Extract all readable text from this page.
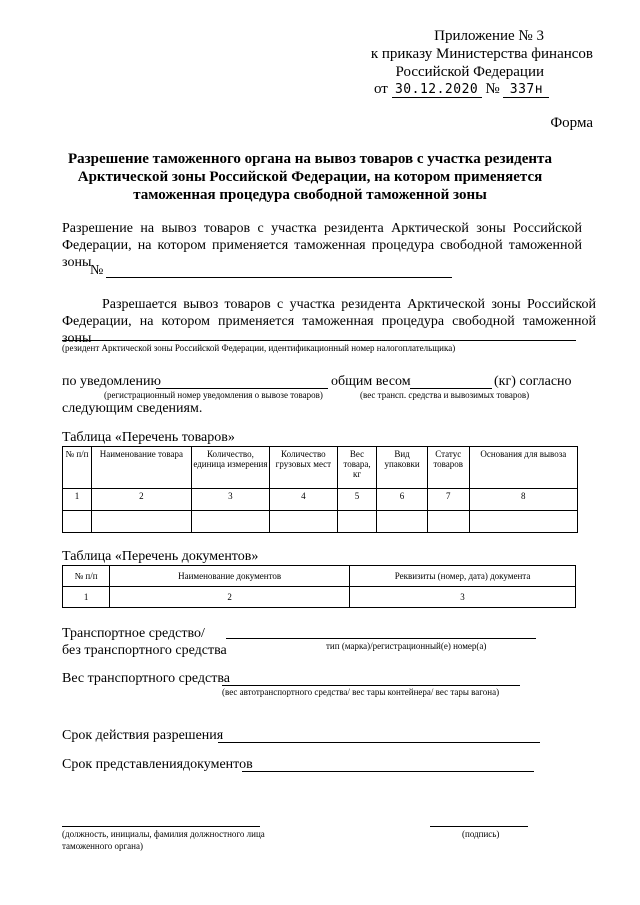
Приложение № 3
к приказу Министерства финансов
Российской Федерации
от 30.12.2020 № 337н
Форма
Разрешение таможенного органа на вывоз товаров с участка резидента
Арктической зоны Российской Федерации, на котором применяется
таможенная процедура свободной таможенной зоны
Разрешение на вывоз товаров с участка резидента Арктической зоны Российской Федерации, на котором применяется таможенная процедура свободной таможенной зоны
№
Разрешается вывоз товаров с участка резидента Арктической зоны Российской Федерации, на котором применяется таможенная процедура свободной таможенной зоны
(резидент Арктической зоны Российской Федерации, идентификационный номер налогоплательщика)
по уведомлению	общим весом	(кг) согласно
(регистрационный номер уведомления о вывозе товаров)	(вес трансп. средства и вывозимых товаров)
следующим сведениям.
Таблица «Перечень товаров»
№ п/п	Наименование товара	Количество, единица измерения	Количество грузовых мест	Вес товара, кг	Вид упаковки	Статус товаров	Основания для вывоза
1	2	3	4	5	6	7	8

Таблица «Перечень документов»
№ п/п	Наименование документов	Реквизиты (номер, дата) документа
1	2	3
Транспортное средство/
без транспортного средства	тип (марка)/регистрационный(е) номер(а)
Вес транспортного средства
(вес автотранспортного средства/ вес тары контейнера/ вес тары вагона)
Срок действия разрешения
Срок представлениядокументов
(должность, инициалы, фамилия должностного лица
таможенного органа)
(подпись)
